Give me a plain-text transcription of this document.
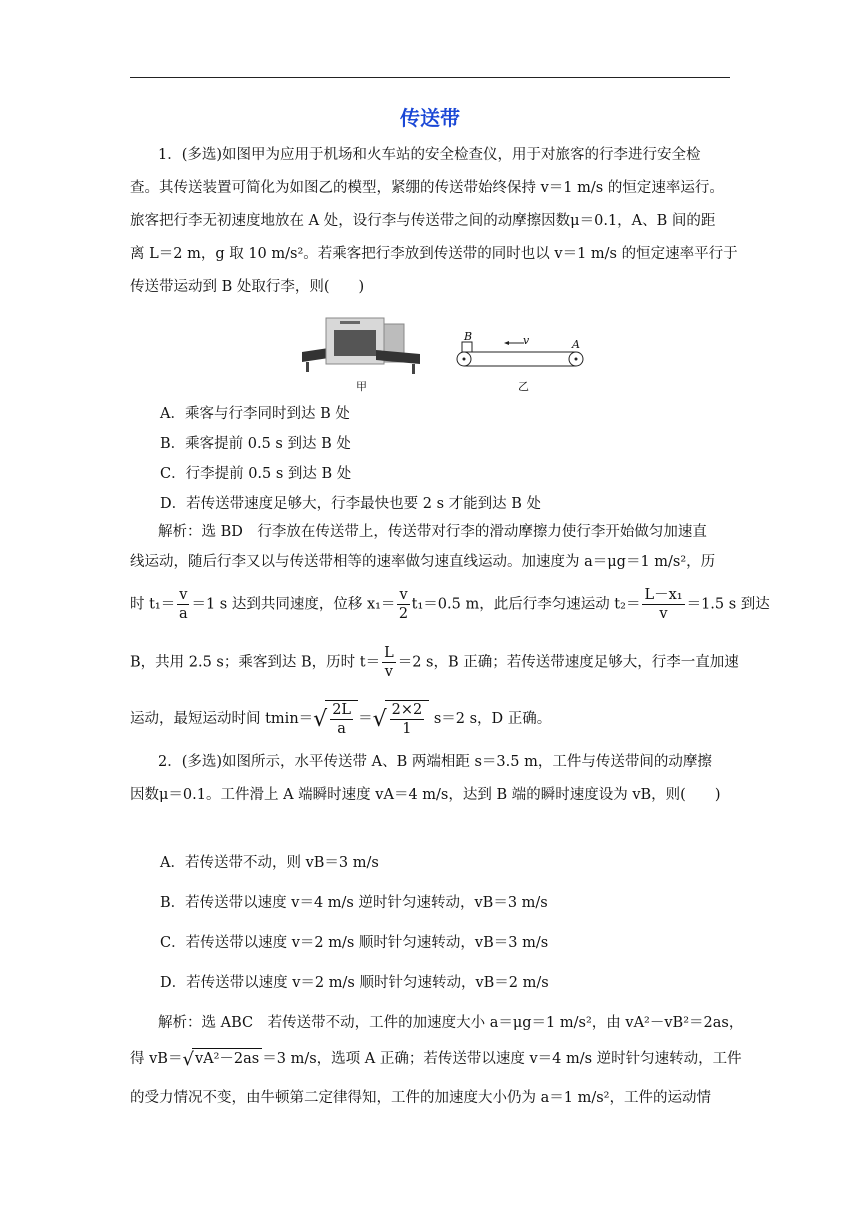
传送带
1．(多选)如图甲为应用于机场和火车站的安全检查仪，用于对旅客的行李进行安全检
查。其传送装置可简化为如图乙的模型，紧绷的传送带始终保持 v＝1 m/s 的恒定速率运行。
旅客把行李无初速度地放在 A 处，设行李与传送带之间的动摩擦因数μ＝0.1，A、B 间的距
离 L＝2 m，g 取 10 m/s²。若乘客把行李放到传送带的同时也以 v＝1 m/s 的恒定速率平行于
传送带运动到 B 处取行李，则(　　)
B
A
v
甲	乙
A．乘客与行李同时到达 B 处
B．乘客提前 0.5 s 到达 B 处
C．行李提前 0.5 s 到达 B 处
D．若传送带速度足够大，行李最快也要 2 s 才能到达 B 处
解析：选 BD　行李放在传送带上，传送带对行李的滑动摩擦力使行李开始做匀加速直
线运动，随后行李又以与传送带相等的速率做匀速直线运动。加速度为 a＝μg＝1 m/s²，历
时 $t_1= \frac{v}{a} =1$ s 达到共同速度，位移 $x_1= \frac{v}{2} t_1=0.5$ m，此后行李匀速运动 $t_2= \frac{\text{L－x₁}}{v} =1.5$ s 到达
B，共用 2.5 s；乘客到达 B，历时 $t= \frac{L}{v} =2$ s，B 正确；若传送带速度足够大，行李一直加速
运动，最短运动时间 $tmin=√ \frac{2L}{a}$ ＝√ $\frac{2\times 2}{1} s=2$ s，D 正确。
2．(多选)如图所示，水平传送带 A、B 两端相距 s＝3.5 m，工件与传送带间的动摩擦
因数μ＝0.1。工件滑上 A 端瞬时速度 vA＝4 m/s，达到 B 端的瞬时速度设为 vB，则(　　)
A．若传送带不动，则 vB＝3 m/s
B．若传送带以速度 v＝4 m/s 逆时针匀速转动，vB＝3 m/s
C．若传送带以速度 v＝2 m/s 顺时针匀速转动，vB＝3 m/s
D．若传送带以速度 v＝2 m/s 顺时针匀速转动，vB＝2 m/s
解析：选 ABC　若传送带不动，工件的加速度大小 a＝μg＝1 m/s²，由 vA²－vB²＝2as，
得 vB＝√vA²－2as ＝3 m/s，选项 A 正确；若传送带以速度 v＝4 m/s 逆时针匀速转动，工件
的受力情况不变，由牛顿第二定律得知，工件的加速度大小仍为 a＝1 m/s²，工件的运动情
